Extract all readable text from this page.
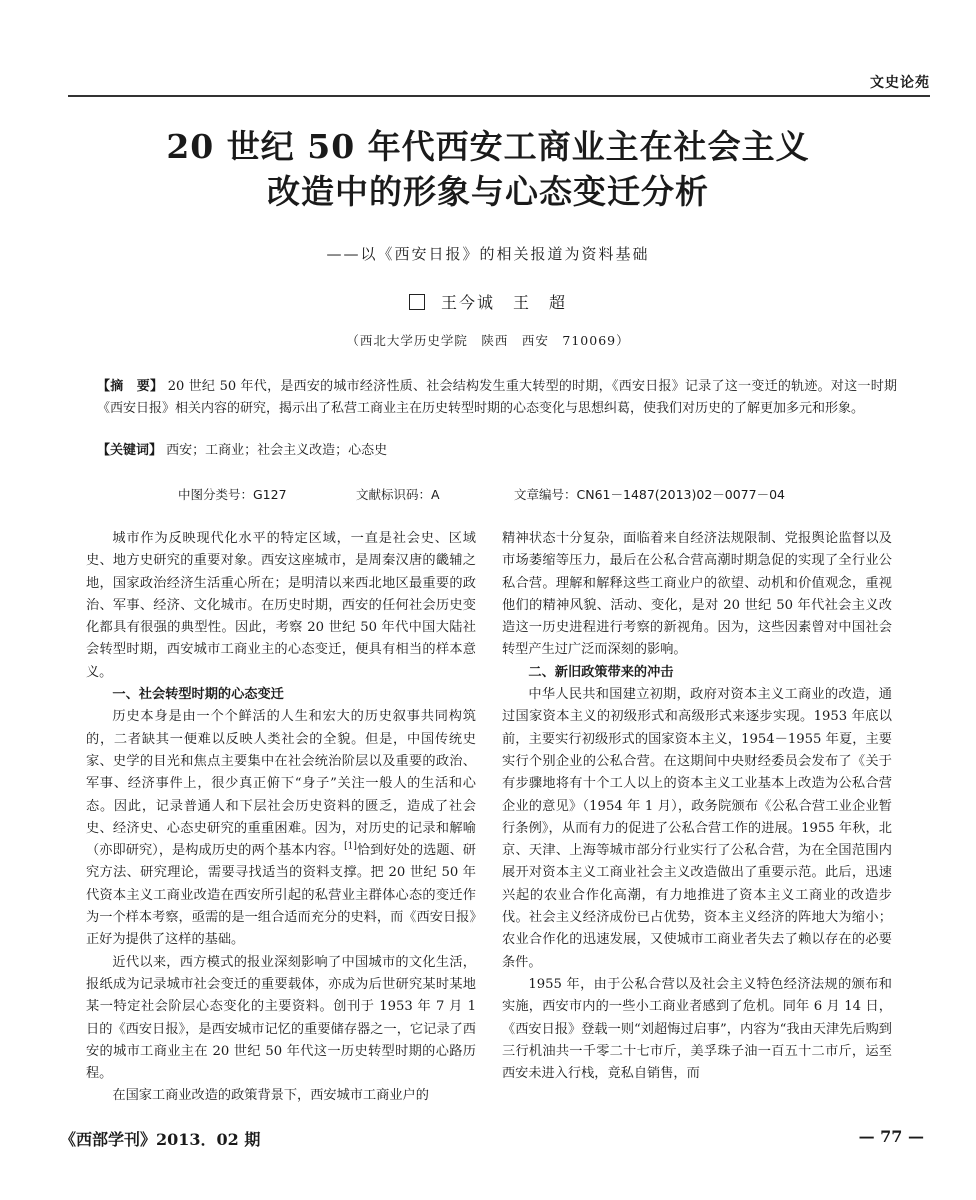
文史论苑
20 世纪 50 年代西安工商业主在社会主义
改造中的形象与心态变迁分析
——以《西安日报》的相关报道为资料基础
王今诚　王　超
（西北大学历史学院　陕西　西安　710069）
【摘　要】 20 世纪 50 年代，是西安的城市经济性质、社会结构发生重大转型的时期，《西安日报》记录了这一变迁的轨迹。对这一时期《西安日报》相关内容的研究，揭示出了私营工商业主在历史转型时期的心态变化与思想纠葛，使我们对历史的了解更加多元和形象。
【关键词】 西安；工商业；社会主义改造；心态史
中图分类号：G127	文献标识码：A	文章编号：CN61－1487(2013)02－0077－04

城市作为反映现代化水平的特定区域，一直是社会史、区域史、地方史研究的重要对象。西安这座城市，是周秦汉唐的畿辅之地，国家政治经济生活重心所在；是明清以来西北地区最重要的政治、军事、经济、文化城市。在历史时期，西安的任何社会历史变化都具有很强的典型性。因此，考察 20 世纪 50 年代中国大陆社会转型时期，西安城市工商业主的心态变迁，便具有相当的样本意义。

一、社会转型时期的心态变迁

历史本身是由一个个鲜活的人生和宏大的历史叙事共同构筑的，二者缺其一便难以反映人类社会的全貌。但是，中国传统史家、史学的目光和焦点主要集中在社会统治阶层以及重要的政治、军事、经济事件上，很少真正俯下“身子”关注一般人的生活和心态。因此，记录普通人和下层社会历史资料的匮乏，造成了社会史、经济史、心态史研究的重重困难。因为，对历史的记录和解喻（亦即研究），是构成历史的两个基本内容。[1]恰到好处的选题、研究方法、研究理论，需要寻找适当的资料支撑。把 20 世纪 50 年代资本主义工商业改造在西安所引起的私营业主群体心态的变迁作为一个样本考察，亟需的是一组合适而充分的史料，而《西安日报》正好为提供了这样的基础。

近代以来，西方模式的报业深刻影响了中国城市的文化生活，报纸成为记录城市社会变迁的重要载体，亦成为后世研究某时某地某一特定社会阶层心态变化的主要资料。创刊于 1953 年 7 月 1 日的《西安日报》，是西安城市记忆的重要储存器之一，它记录了西安的城市工商业主在 20 世纪 50 年代这一历史转型时期的心路历程。

在国家工商业改造的政策背景下，西安城市工商业户的

精神状态十分复杂，面临着来自经济法规限制、党报舆论监督以及市场萎缩等压力，最后在公私合营高潮时期急促的实现了全行业公私合营。理解和解释这些工商业户的欲望、动机和价值观念，重视他们的精神风貌、活动、变化，是对 20 世纪 50 年代社会主义改造这一历史进程进行考察的新视角。因为，这些因素曾对中国社会转型产生过广泛而深刻的影响。

二、新旧政策带来的冲击

中华人民共和国建立初期，政府对资本主义工商业的改造，通过国家资本主义的初级形式和高级形式来逐步实现。1953 年底以前，主要实行初级形式的国家资本主义，1954－1955 年夏，主要实行个别企业的公私合营。在这期间中央财经委员会发布了《关于有步骤地将有十个工人以上的资本主义工业基本上改造为公私合营企业的意见》（1954 年 1 月），政务院颁布《公私合营工业企业暂行条例》，从而有力的促进了公私合营工作的进展。1955 年秋，北京、天津、上海等城市部分行业实行了公私合营，为在全国范围内展开对资本主义工商业社会主义改造做出了重要示范。此后，迅速兴起的农业合作化高潮，有力地推进了资本主义工商业的改造步伐。社会主义经济成份已占优势，资本主义经济的阵地大为缩小；农业合作化的迅速发展，又使城市工商业者失去了赖以存在的必要条件。

1955 年，由于公私合营以及社会主义特色经济法规的颁布和实施，西安市内的一些小工商业者感到了危机。同年 6 月 14 日，《西安日报》登载一则“刘超悔过启事”，内容为“我由天津先后购到三行机油共一千零二十七市斤，美孚珠子油一百五十二市斤，运至西安未进入行栈，竟私自销售，而

《西部学刊》2013．02 期	— 77 —
